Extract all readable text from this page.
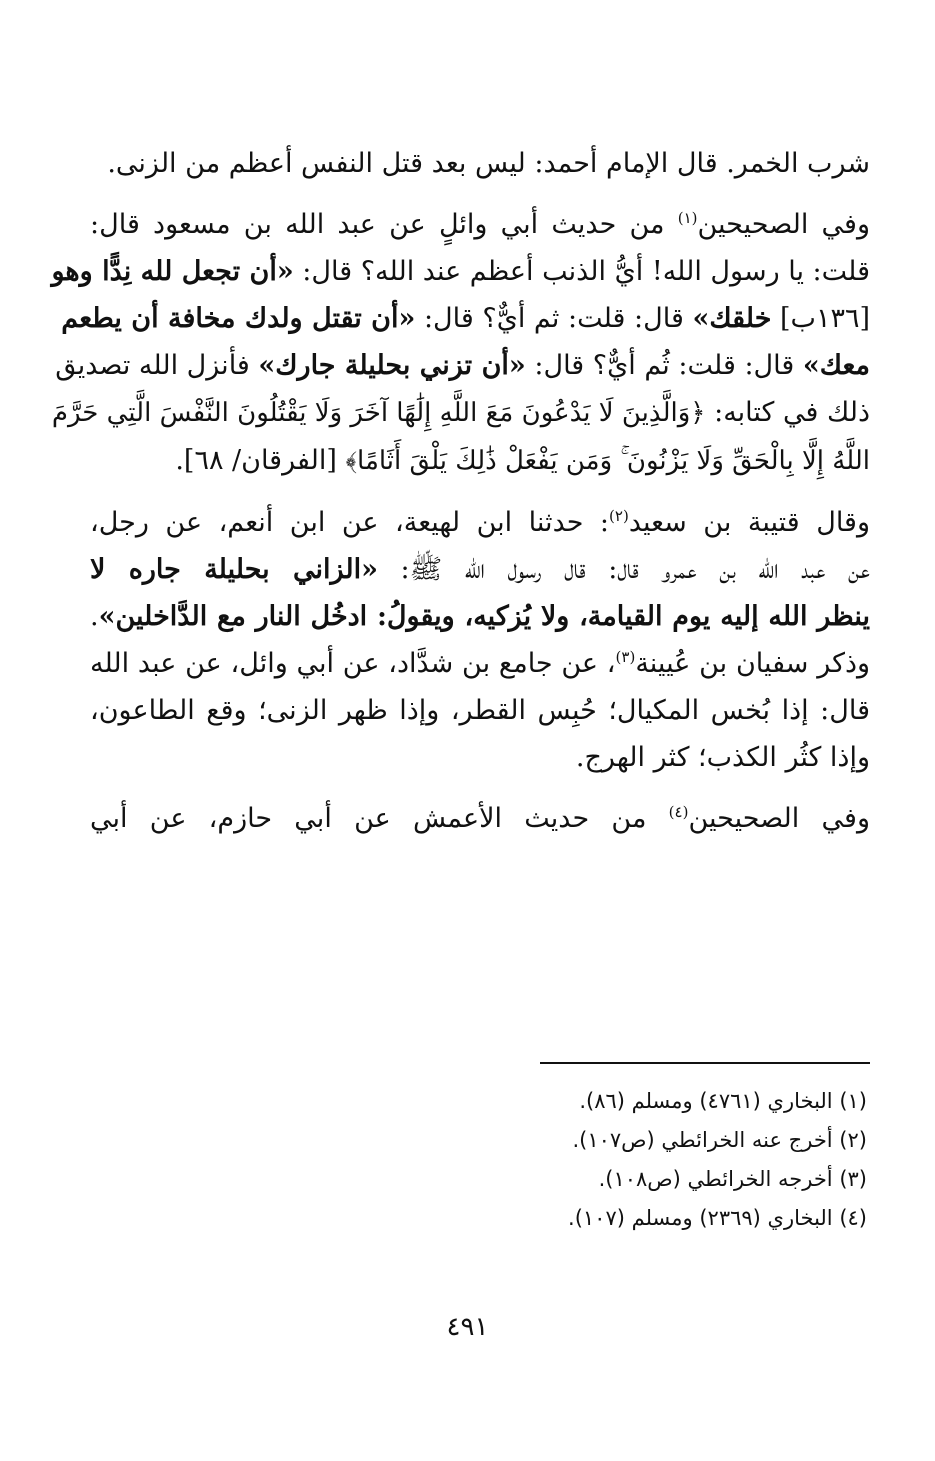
شرب الخمر. قال الإمام أحمد: ليس بعد قتل النفس أعظم من الزنى.
وفي الصحيحين$^{(١)}$ من حديث أبي وائلٍ عن عبد الله بن مسعود قال:
قلت: يا رسول الله! أيُّ الذنب أعظم عند الله؟ قال: «أن تجعل لله نِدًّا وهو
[١٣٦ب] خلقك» قال: قلت: ثم أيٌّ؟ قال: «أن تقتل ولدك مخافة أن يطعم
معك» قال: قلت: ثُم أيٌّ؟ قال: «أن تزني بحليلة جارك» فأنزل الله تصديق
ذلك في كتابه: ﴿وَالَّذِينَ لَا يَدْعُونَ مَعَ اللَّهِ إِلَٰهًا آخَرَ وَلَا يَقْتُلُونَ النَّفْسَ الَّتِي حَرَّمَ
اللَّهُ إِلَّا بِالْحَقِّ وَلَا يَزْنُونَ ۚ وَمَن يَفْعَلْ ذَٰلِكَ يَلْقَ أَثَامًا﴾ [الفرقان/ ٦٨].
وقال قتيبة بن سعيد$^{(٢)}$: حدثنا ابن لهيعة، عن ابن أنعم، عن رجل،
عن عبد الله بن عمرو قال: قال رسول الله ﷺ: «الزاني بحليلة جاره لا
ينظر الله إليه يوم القيامة، ولا يُزكيه، ويقولُ: ادخُل النار مع الدَّاخلين».
وذكر سفيان بن عُيينة$^{(٣)}$، عن جامع بن شدَّاد، عن أبي وائل، عن عبد الله
قال: إذا بُخس المكيال؛ حُبِس القطر، وإذا ظهر الزنى؛ وقع الطاعون،
وإذا كثُر الكذب؛ كثر الهرج.
وفي الصحيحين$^{(٤)}$ من حديث الأعمش عن أبي حازم، عن أبي
(١) البخاري (٤٧٦١) ومسلم (٨٦).
(٢) أخرج عنه الخرائطي (ص١٠٧).
(٣) أخرجه الخرائطي (ص١٠٨).
(٤) البخاري (٢٣٦٩) ومسلم (١٠٧).
٤٩١
